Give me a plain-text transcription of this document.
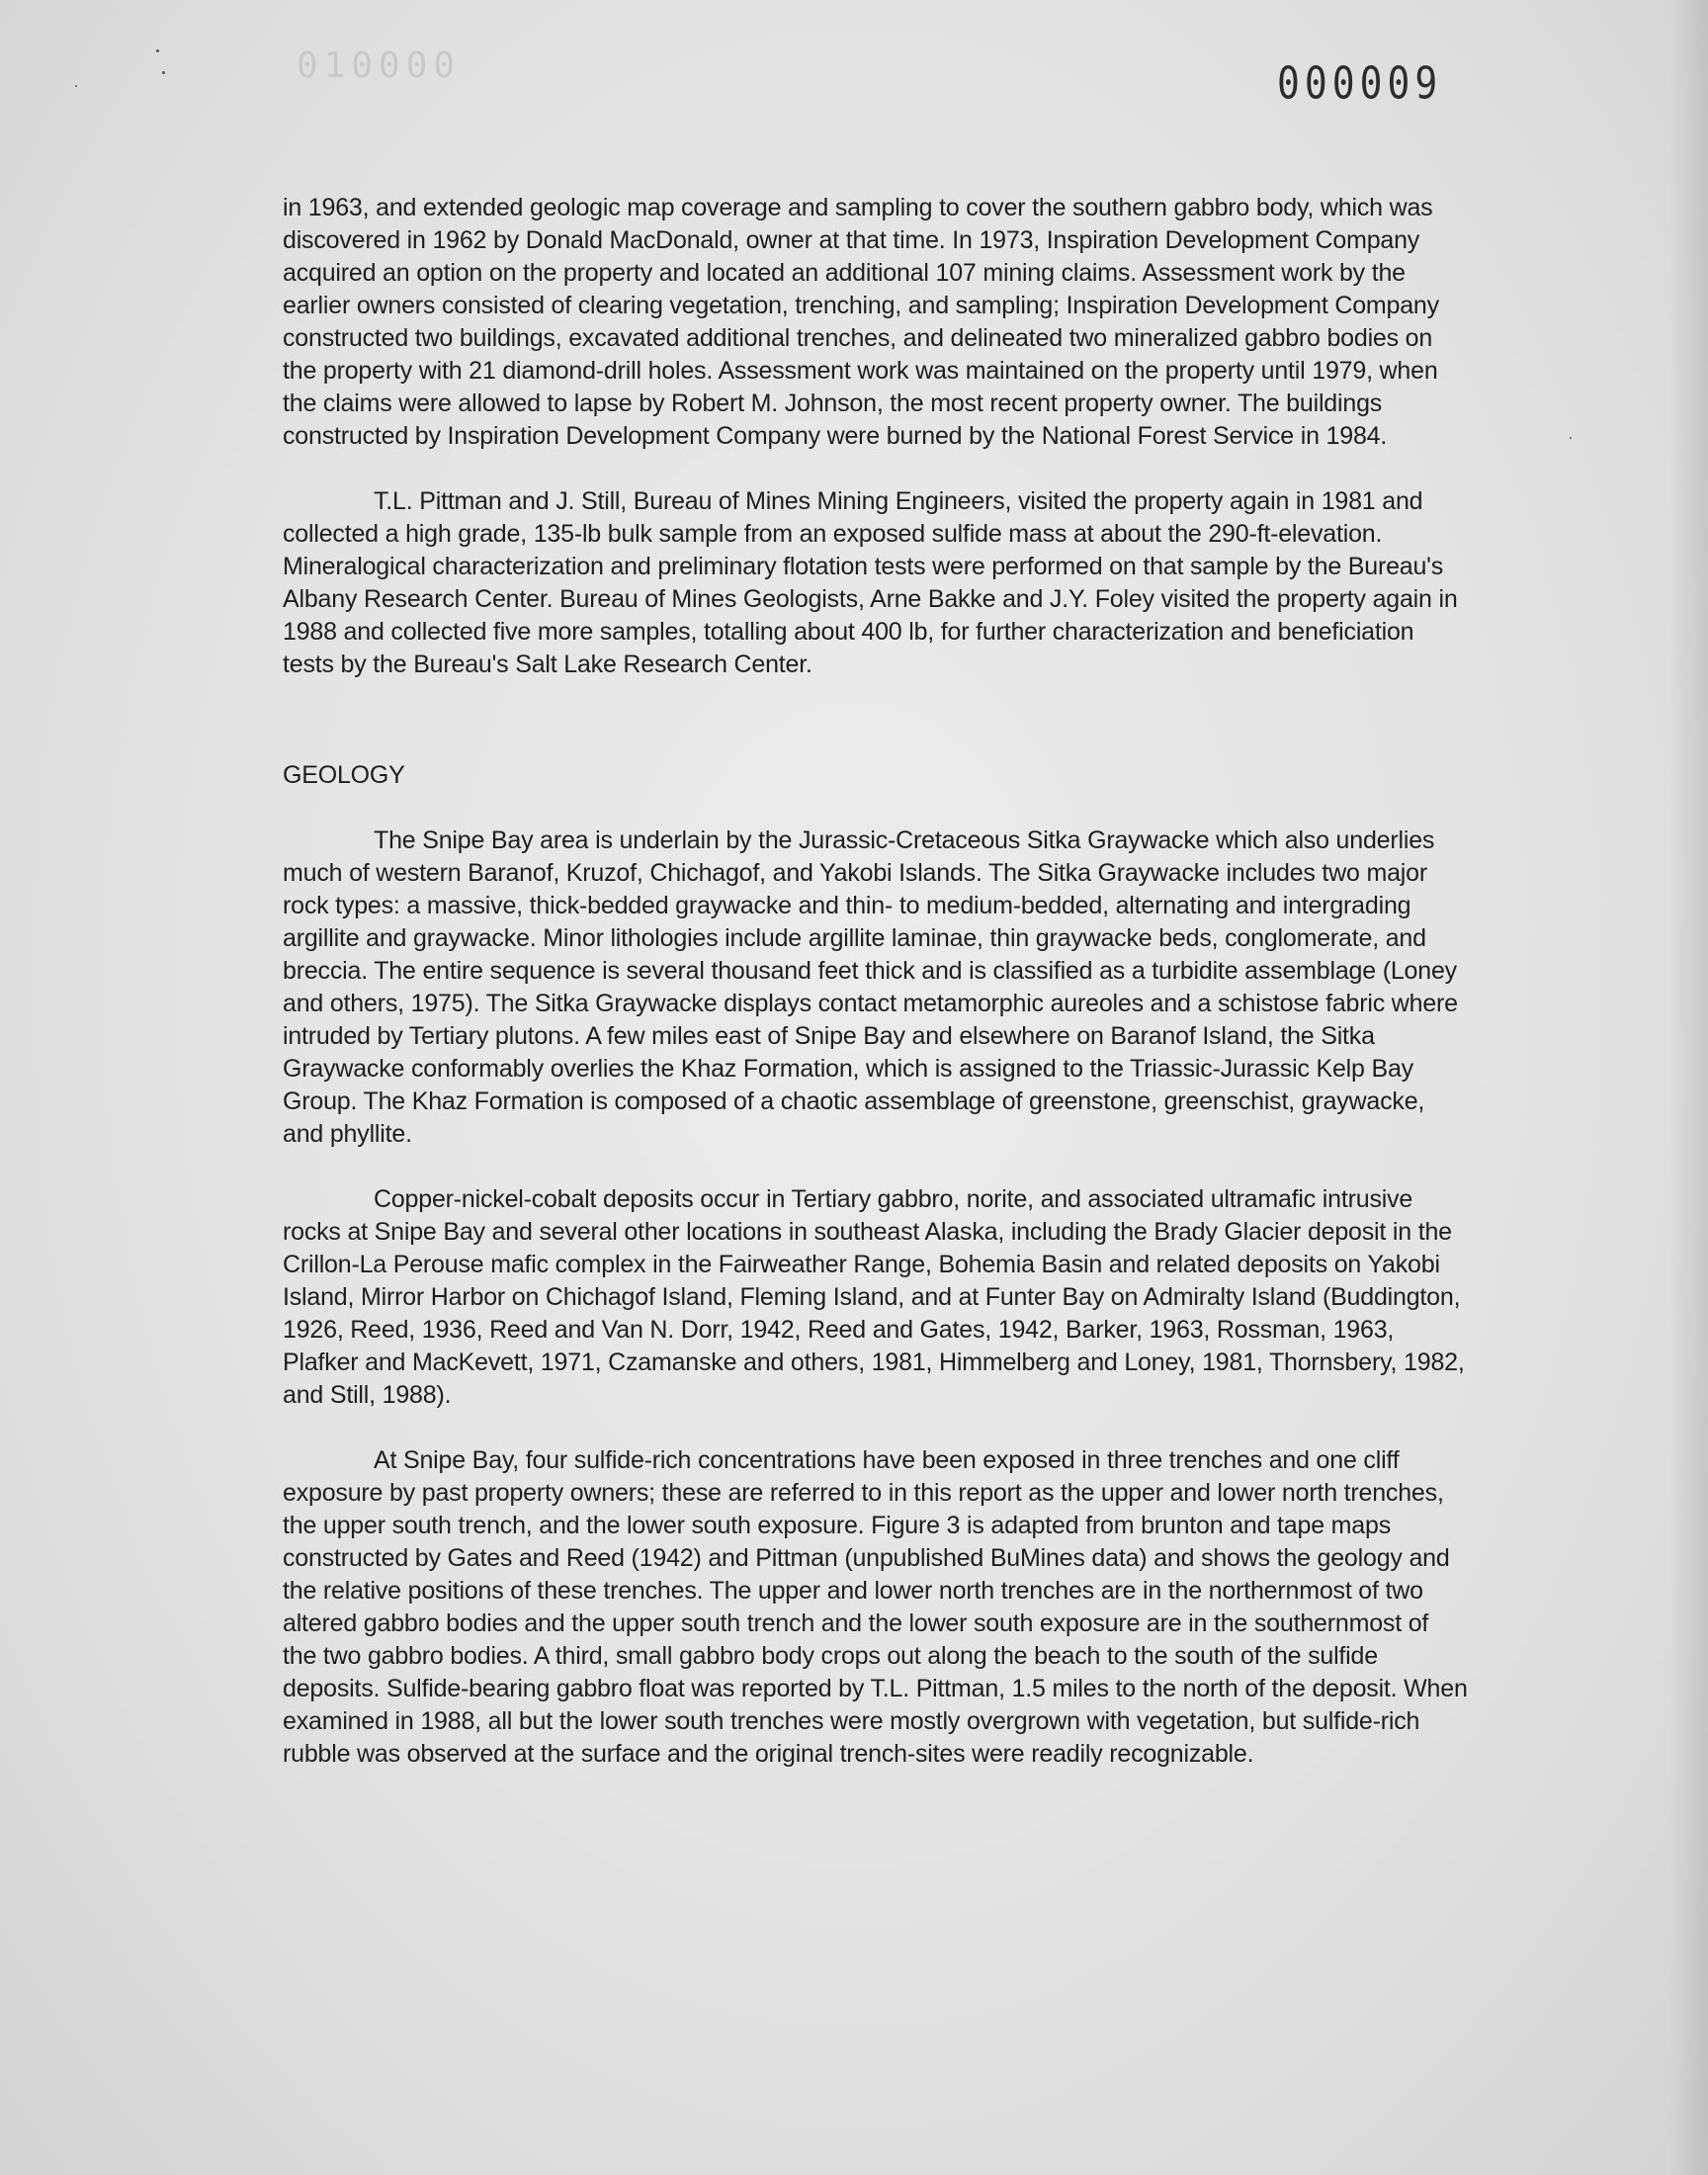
010000	000009

in 1963, and extended geologic map coverage and sampling to cover the southern gabbro body, which was discovered in 1962 by Donald MacDonald, owner at that time. In 1973, Inspiration Development Company acquired an option on the property and located an additional 107 mining claims. Assessment work by the earlier owners consisted of clearing vegetation, trenching, and sampling; Inspiration Development Company constructed two buildings, excavated additional trenches, and delineated two mineralized gabbro bodies on the property with 21 diamond-drill holes. Assessment work was maintained on the property until 1979, when the claims were allowed to lapse by Robert M. Johnson, the most recent property owner. The buildings constructed by Inspiration Development Company were burned by the National Forest Service in 1984.

T.L. Pittman and J. Still, Bureau of Mines Mining Engineers, visited the property again in 1981 and collected a high grade, 135-lb bulk sample from an exposed sulfide mass at about the 290-ft-elevation. Mineralogical characterization and preliminary flotation tests were performed on that sample by the Bureau's Albany Research Center. Bureau of Mines Geologists, Arne Bakke and J.Y. Foley visited the property again in 1988 and collected five more samples, totalling about 400 lb, for further characterization and beneficiation tests by the Bureau's Salt Lake Research Center.

GEOLOGY

The Snipe Bay area is underlain by the Jurassic-Cretaceous Sitka Graywacke which also underlies much of western Baranof, Kruzof, Chichagof, and Yakobi Islands. The Sitka Graywacke includes two major rock types: a massive, thick-bedded graywacke and thin- to medium-bedded, alternating and intergrading argillite and graywacke. Minor lithologies include argillite laminae, thin graywacke beds, conglomerate, and breccia. The entire sequence is several thousand feet thick and is classified as a turbidite assemblage (Loney and others, 1975). The Sitka Graywacke displays contact metamorphic aureoles and a schistose fabric where intruded by Tertiary plutons. A few miles east of Snipe Bay and elsewhere on Baranof Island, the Sitka Graywacke conformably overlies the Khaz Formation, which is assigned to the Triassic-Jurassic Kelp Bay Group. The Khaz Formation is composed of a chaotic assemblage of greenstone, greenschist, graywacke, and phyllite.

Copper-nickel-cobalt deposits occur in Tertiary gabbro, norite, and associated ultramafic intrusive rocks at Snipe Bay and several other locations in southeast Alaska, including the Brady Glacier deposit in the Crillon-La Perouse mafic complex in the Fairweather Range, Bohemia Basin and related deposits on Yakobi Island, Mirror Harbor on Chichagof Island, Fleming Island, and at Funter Bay on Admiralty Island (Buddington, 1926, Reed, 1936, Reed and Van N. Dorr, 1942, Reed and Gates, 1942, Barker, 1963, Rossman, 1963, Plafker and MacKevett, 1971, Czamanske and others, 1981, Himmelberg and Loney, 1981, Thornsbery, 1982, and Still, 1988).

At Snipe Bay, four sulfide-rich concentrations have been exposed in three trenches and one cliff exposure by past property owners; these are referred to in this report as the upper and lower north trenches, the upper south trench, and the lower south exposure. Figure 3 is adapted from brunton and tape maps constructed by Gates and Reed (1942) and Pittman (unpublished BuMines data) and shows the geology and the relative positions of these trenches. The upper and lower north trenches are in the northernmost of two altered gabbro bodies and the upper south trench and the lower south exposure are in the southernmost of the two gabbro bodies. A third, small gabbro body crops out along the beach to the south of the sulfide deposits. Sulfide-bearing gabbro float was reported by T.L. Pittman, 1.5 miles to the north of the deposit. When examined in 1988, all but the lower south trenches were mostly overgrown with vegetation, but sulfide-rich rubble was observed at the surface and the original trench-sites were readily recognizable.
